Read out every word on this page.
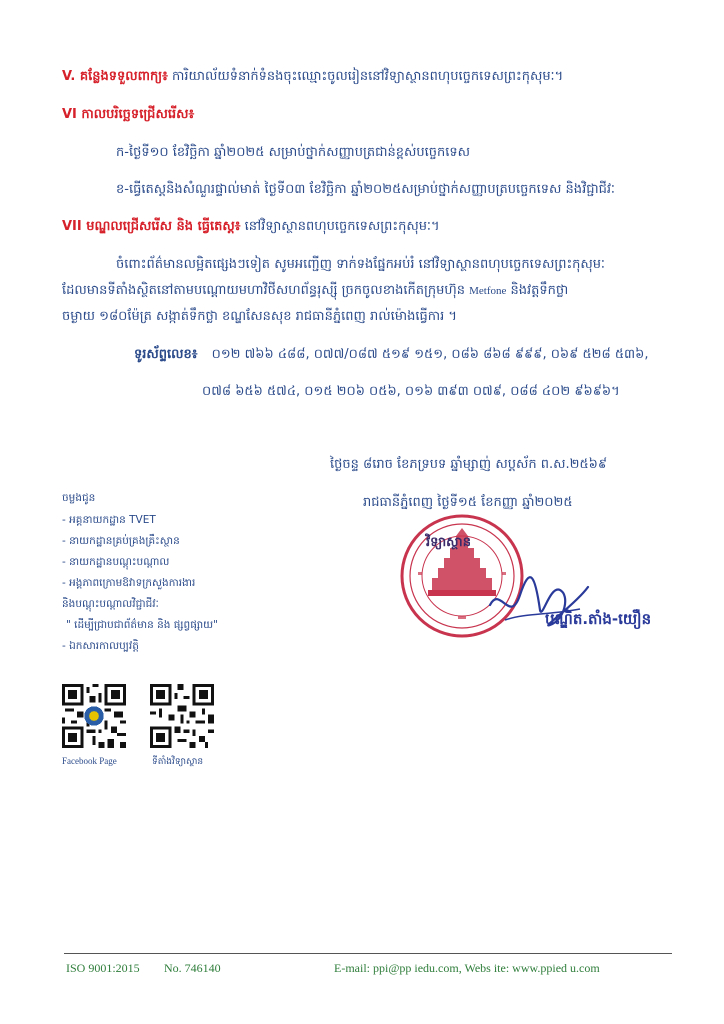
V. គន្លែងទទួលពាក្យ៖ ការិយាល័យទំនាក់ទំនងចុះឈ្មោះចូលរៀននៅវិទ្យាស្ថានពហុបច្ចេកទេសព្រះកុសុមៈ។
VI កាលបរិច្ឆេទជ្រើសរើស៖
ក-ថ្ងៃទី១០ ខែវិច្ឆិកា ឆ្នាំ២០២៥ សម្រាប់ថ្នាក់សញ្ញាបត្រជាន់ខ្ពស់បច្ចេកទេស
ខ-ធ្វើតេស្តនិងសំណួរផ្ទាល់មាត់ ថ្ងៃទី០៣ ខែវិច្ឆិកា ឆ្នាំ២០២៥សម្រាប់ថ្នាក់សញ្ញាបត្របច្ចេកទេស និងវិជ្ជាជីវៈ
VII មណ្ឌលជ្រើសរើស និង ធ្វើតេស្ត៖ នៅវិទ្យាស្ថានពហុបច្ចេកទេសព្រះកុសុមៈ។
ចំពោះព័ត៌មានលម្អិតផ្សេងៗទៀត សូមអញ្ជើញ ទាក់ទងផ្នែកអប់រំ នៅវិទ្យាស្ថានពហុបច្ចេកទេសព្រះកុសុមៈ
ដែលមានទីតាំងស្ថិតនៅតាមបណ្ដោយមហាវិថីសហព័ន្ធរុស្ស៊ី ច្រកចូលខាងកើតក្រុមហ៊ុន Metfone និងវត្តទឹកថ្លា
ចម្ងាយ ១៨០ម៉ែត្រ សង្កាត់ទឹកថ្លា ខណ្ឌសែនសុខ រាជធានីភ្នំពេញ រាល់ម៉ោងធ្វើការ ។
ទូរស័ព្ទលេខ៖ ០១២ ៧៦៦ ៤៨៨, ០៧៧/០៨៧ ៥១៩ ១៥១, ០៨៦ ៨៦៨ ៩៩៩, ០៦៩ ៥២៨ ៥៣៦,
០៧៨ ៦៥៦ ៥៧៤, ០១៥ ២០៦ ០៥៦, ០១៦ ៣៩៣ ០៧៩, ០៨៨ ៤០២ ៩៦៩៦។
ថ្ងៃចន្ទ ៨រោច ខែភទ្របទ ឆ្នាំម្សាញ់ សប្តស័ក ព.ស.២៥៦៩
រាជធានីភ្នំពេញ ថ្ងៃទី១៥ ខែកញ្ញា ឆ្នាំ២០២៥
វិទ្យាស្ថាន
បណ្ឌិត.តាំង-យឿន
ចម្លងជូន
- អគ្គនាយកដ្ឋាន TVET
- នាយកដ្ឋានគ្រប់គ្រងគ្រឹះស្ថាន
- នាយកដ្ឋានបណ្តុះបណ្តាល
- អង្គភាពក្រោមឱវាទក្រសួងការងារ
និងបណ្តុះបណ្តាលវិជ្ជាជីវៈ
" ដើម្បីជ្រាបជាព័ត៌មាន និង ផ្សព្វផ្សាយ"
- ឯកសារកាលប្បវត្តិ
Facebook Page	ទីតាំងវិទ្យាស្ថាន
ISO 9001:2015 No. 746140	E-mail: ppi@pp iedu.com, Webs ite: www.ppied u.com
